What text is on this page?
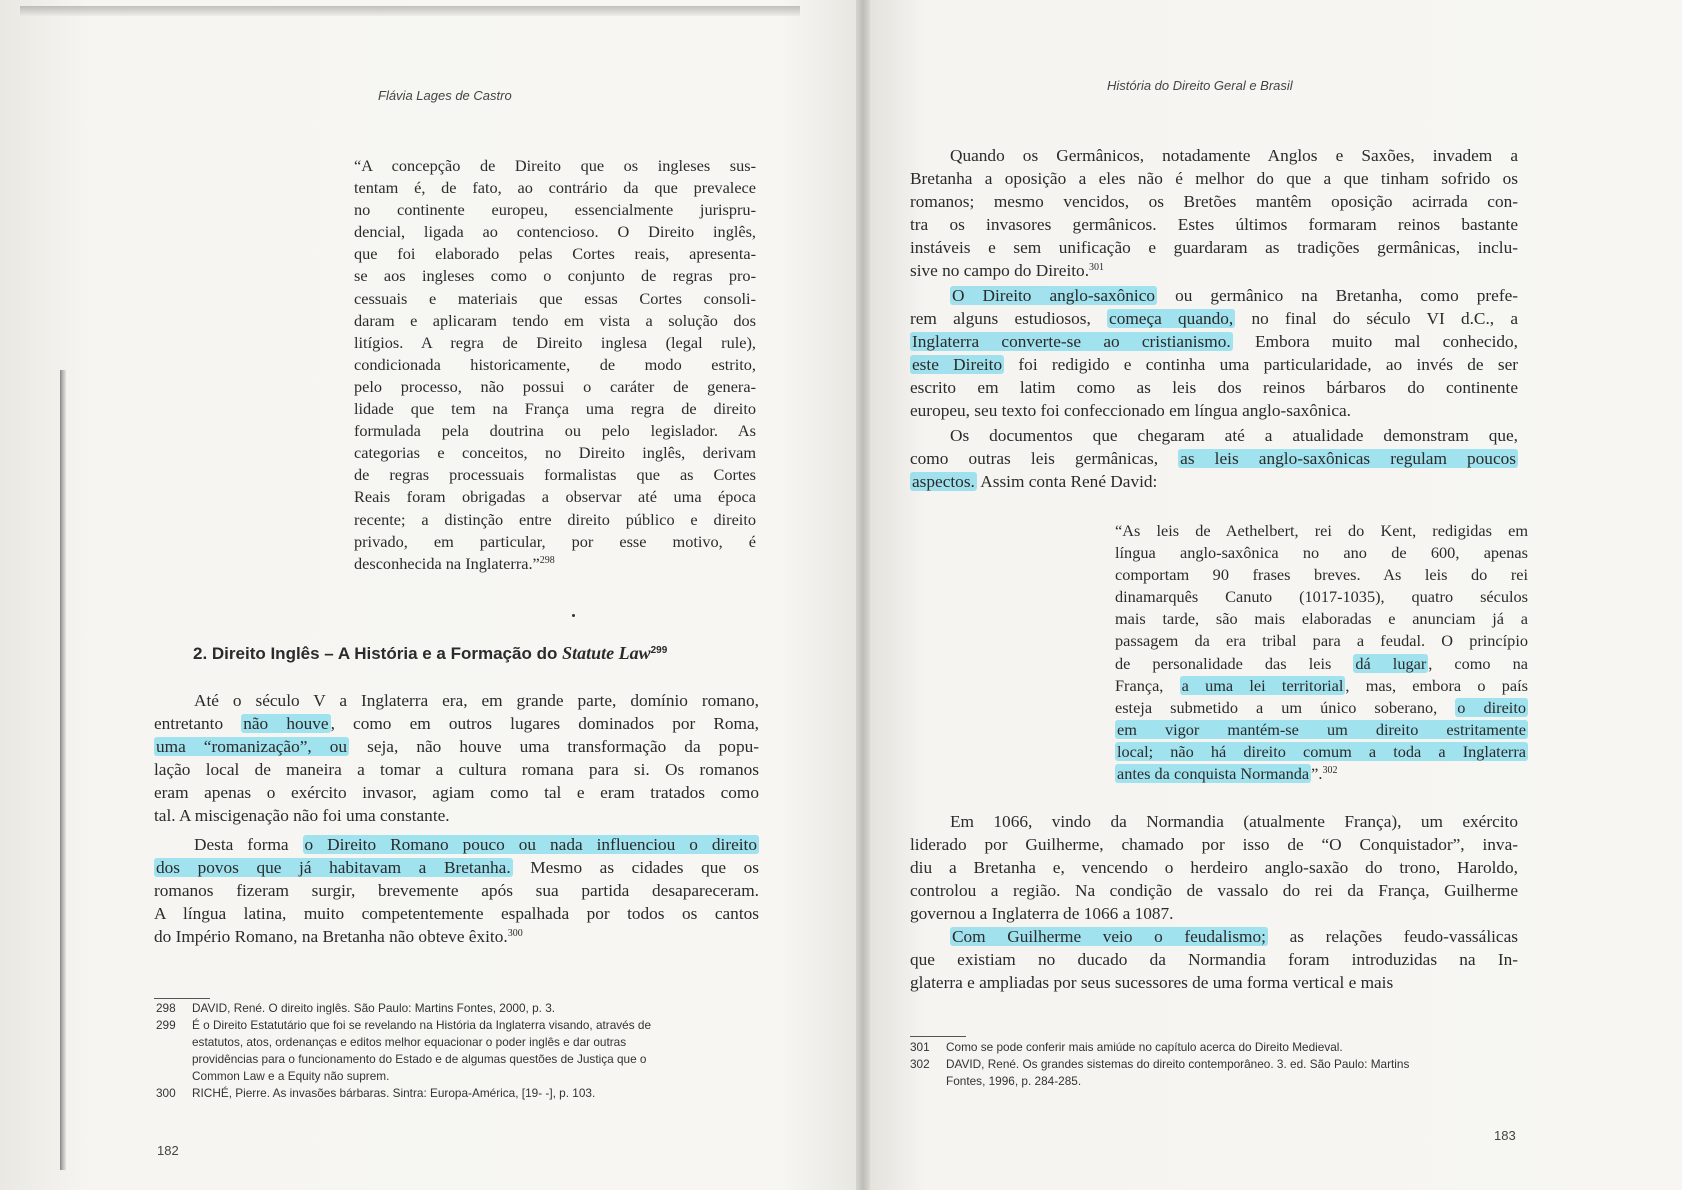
Flávia Lages de Castro
“A concepção de Direito que os ingleses sus-
tentam é, de fato, ao contrário da que prevalece
no continente europeu, essencialmente jurispru-
dencial, ligada ao contencioso. O Direito inglês,
que foi elaborado pelas Cortes reais, apresenta-
se aos ingleses como o conjunto de regras pro-
cessuais e materiais que essas Cortes consoli-
daram e aplicaram tendo em vista a solução dos
litígios. A regra de Direito inglesa (legal rule),
condicionada historicamente, de modo estrito,
pelo processo, não possui o caráter de genera-
lidade que tem na França uma regra de direito
formulada pela doutrina ou pelo legislador. As
categorias e conceitos, no Direito inglês, derivam
de regras processuais formalistas que as Cortes
Reais foram obrigadas a observar até uma época
recente; a distinção entre direito público e direito
privado, em particular, por esse motivo, é
desconhecida na Inglaterra.”$^{298}$
2. Direito Inglês – A História e a Formação do Statute Law$^{299}$
Até o século V a Inglaterra era, em grande parte, domínio romano,
entretanto não houve , como em outros lugares dominados por Roma,
uma “romanização”, ou seja, não houve uma transformação da popu-
lação local de maneira a tomar a cultura romana para si. Os romanos
eram apenas o exército invasor, agiam como tal e eram tratados como
tal. A miscigenação não foi uma constante.
Desta forma o Direito Romano pouco ou nada influenciou o direito
dos povos que já habitavam a Bretanha. Mesmo as cidades que os
romanos fizeram surgir, brevemente após sua partida desapareceram.
A língua latina, muito competentemente espalhada por todos os cantos
do Império Romano, na Bretanha não obteve êxito.$^{300}$
298 DAVID, René. O direito inglês. São Paulo: Martins Fontes, 2000, p. 3.
299 É o Direito Estatutário que foi se revelando na História da Inglaterra visando, através de
estatutos, atos, ordenanças e editos melhor equacionar o poder inglês e dar outras
providências para o funcionamento do Estado e de algumas questões de Justiça que o
Common Law e a Equity não suprem.
300 RICHÉ, Pierre. As invasões bárbaras. Sintra: Europa-América, [19- -], p. 103.
182
História do Direito Geral e Brasil
Quando os Germânicos, notadamente Anglos e Saxões, invadem a
Bretanha a oposição a eles não é melhor do que a que tinham sofrido os
romanos; mesmo vencidos, os Bretões mantêm oposição acirrada con-
tra os invasores germânicos. Estes últimos formaram reinos bastante
instáveis e sem unificação e guardaram as tradições germânicas, inclu-
sive no campo do Direito.$^{301}$
O Direito anglo-saxônico ou germânico na Bretanha, como prefe-
rem alguns estudiosos, começa quando, no final do século VI d.C., a
Inglaterra converte-se ao cristianismo. Embora muito mal conhecido,
este Direito foi redigido e continha uma particularidade, ao invés de ser
escrito em latim como as leis dos reinos bárbaros do continente
europeu, seu texto foi confeccionado em língua anglo-saxônica.
Os documentos que chegaram até a atualidade demonstram que,
como outras leis germânicas, as leis anglo-saxônicas regulam poucos
aspectos. Assim conta René David:
“As leis de Aethelbert, rei do Kent, redigidas em
língua anglo-saxônica no ano de 600, apenas
comportam 90 frases breves. As leis do rei
dinamarquês Canuto (1017-1035), quatro séculos
mais tarde, são mais elaboradas e anunciam já a
passagem da era tribal para a feudal. O princípio
de personalidade das leis dá lugar , como na
França, a uma lei territorial , mas, embora o país
esteja submetido a um único soberano, o direito
em vigor mantém-se um direito estritamente
local; não há direito comum a toda a Inglaterra
antes da conquista Normanda ”.$^{302}$
Em 1066, vindo da Normandia (atualmente França), um exército
liderado por Guilherme, chamado por isso de “O Conquistador”, inva-
diu a Bretanha e, vencendo o herdeiro anglo-saxão do trono, Haroldo,
controlou a região. Na condição de vassalo do rei da França, Guilherme
governou a Inglaterra de 1066 a 1087.
Com Guilherme veio o feudalismo; as relações feudo-vassálicas
que existiam no ducado da Normandia foram introduzidas na In-
glaterra e ampliadas por seus sucessores de uma forma vertical e mais
301 Como se pode conferir mais amiúde no capítulo acerca do Direito Medieval.
302 DAVID, René. Os grandes sistemas do direito contemporâneo. 3. ed. São Paulo: Martins
Fontes, 1996, p. 284-285.
183
